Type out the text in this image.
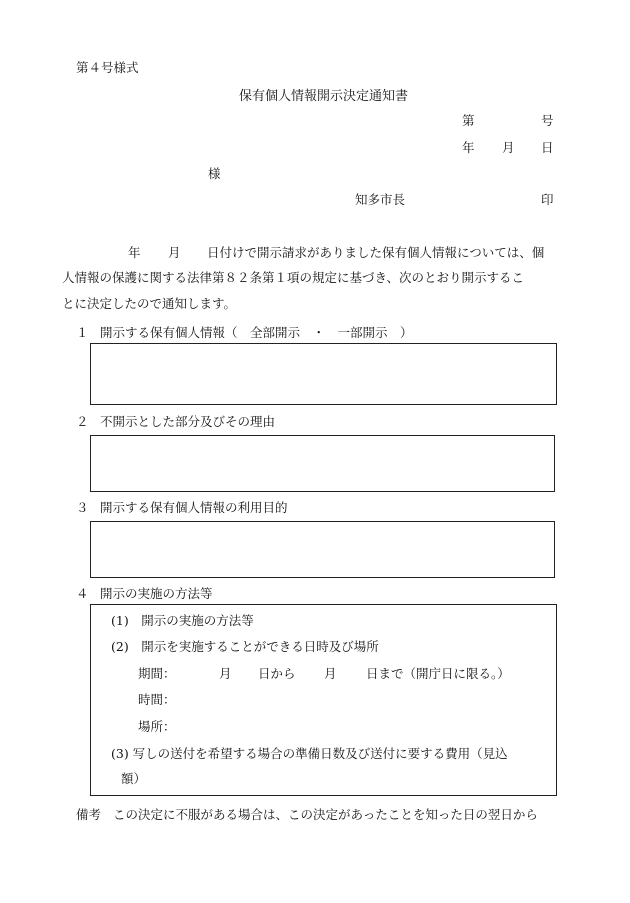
第４号様式
保有個人情報開示決定通知書
第	号
年 月 日
様
知多市長	印
年 月 日付けで開示請求がありました保有個人情報については、個
人情報の保護に関する法律第８２条第１項の規定に基づき、次のとおり開示するこ
とに決定したので通知します。
１ 開示する保有個人情報（　全部開示　・　一部開示　）
２ 不開示とした部分及びその理由
３ 開示する保有個人情報の利用目的
４ 開示の実施の方法等
(1)　開示の実施の方法等
(2)　開示を実施することができる日時及び場所
期間：	月 日から 月 日まで（開庁日に限る。）
時間：
場所：
(3) 写しの送付を希望する場合の準備日数及び送付に要する費用（見込
額）
備考 この決定に不服がある場合は、この決定があったことを知った日の翌日から
